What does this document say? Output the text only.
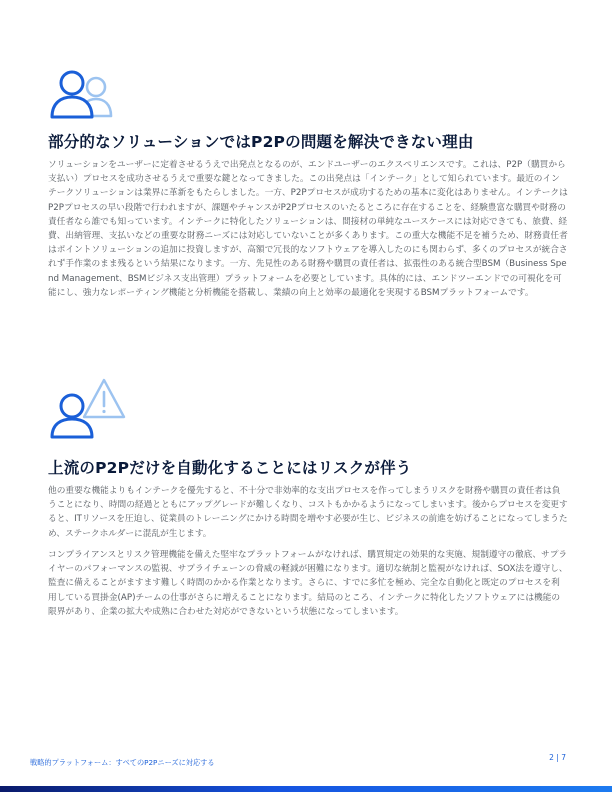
部分的なソリューションではP2Pの問題を解決できない理由

ソリューションをユーザーに定着させるうえで出発点となるのが、エンドユーザーのエクスペリエンスです。これは、P2P（購買から支払い）プロセスを成功させるうえで重要な鍵となってきました。この出発点は「インテーク」として知られています。最近のインテークソリューションは業界に革新をもたらしました。一方、P2Pプロセスが成功するための基本に変化はありません。インテークはP2Pプロセスの早い段階で行われますが、課題やチャンスがP2Pプロセスのいたるところに存在することを、経験豊富な購買や財務の責任者なら誰でも知っています。インテークに特化したソリューションは、間接材の単純なユースケースには対応できても、旅費、経費、出納管理、支払いなどの重要な財務ニーズには対応していないことが多くあります。この重大な機能不足を補うため、財務責任者はポイントソリューションの追加に投資しますが、高額で冗長的なソフトウェアを導入したのにも関わらず、多くのプロセスが統合されず手作業のまま残るという結果になります。一方、先見性のある財務や購買の責任者は、拡張性のある統合型BSM（Business Spend Management、BSMビジネス支出管理）プラットフォームを必要としています。具体的には、エンドツーエンドでの可視化を可能にし、強力なレポーティング機能と分析機能を搭載し、業績の向上と効率の最適化を実現するBSMプラットフォームです。

上流のP2Pだけを自動化することにはリスクが伴う

他の重要な機能よりもインテークを優先すると、不十分で非効率的な支出プロセスを作ってしまうリスクを財務や購買の責任者は負うことになり、時間の経過とともにアップグレードが難しくなり、コストもかかるようになってしまいます。後からプロセスを変更すると、ITリソースを圧迫し、従業員のトレーニングにかける時間を増やす必要が生じ、ビジネスの前進を妨げることになってしまうため、ステークホルダーに混乱が生じます。

コンプライアンスとリスク管理機能を備えた堅牢なプラットフォームがなければ、購買規定の効果的な実施、規制遵守の徹底、サプライヤーのパフォーマンスの監視、サプライチェーンの脅威の軽減が困難になります。適切な統制と監視がなければ、SOX法を遵守し、監査に備えることがますます難しく時間のかかる作業となります。さらに、すでに多忙を極め、完全な自動化と既定のプロセスを利用している買掛金(AP)チームの仕事がさらに増えることになります。結局のところ、インテークに特化したソフトウェアには機能の限界があり、企業の拡大や成熟に合わせた対応ができないという状態になってしまいます。

戦略的プラットフォーム：すべてのP2Pニーズに対応する
2 | 7
